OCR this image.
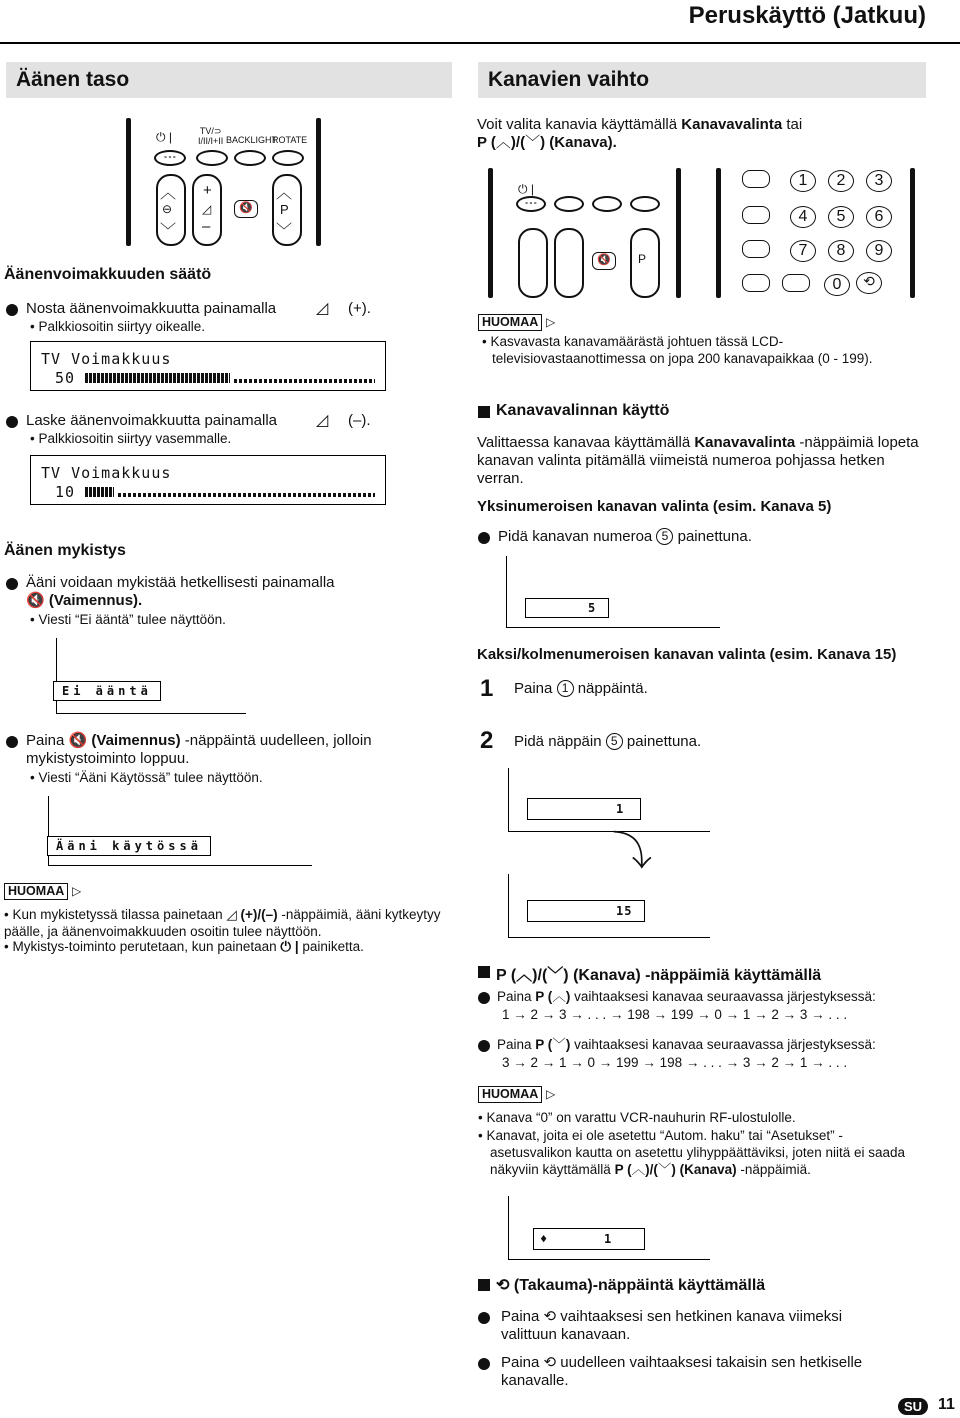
Peruskäyttö (Jatkuu)
Äänen taso
⏻ |	TV/⊃
I/II/I+II BACKLIGHT
ROTATE
∘∘∘
︿
⊖
﹀
+
◿
–
🔇
︿
P
﹀
Äänenvoimakkuuden säätö
Nosta äänenvoimakkuutta painamalla ◿ (+).
• Palkkiosoitin siirtyy oikealle.
TV Voimakkuus
50
Laske äänenvoimakkuutta painamalla ◿ (–).
• Palkkiosoitin siirtyy vasemmalle.
TV Voimakkuus
10
Äänen mykistys
Ääni voidaan mykistää hetkellisesti painamalla
🔇 (Vaimennus).
• Viesti “Ei ääntä” tulee näyttöön.
Ei ääntä
Paina 🔇 (Vaimennus) -näppäintä uudelleen, jolloin mykistystoiminto loppuu.
• Viesti “Ääni Käytössä” tulee näyttöön.
Ääni käytössä
HUOMAA ▷
• Kun mykistetyssä tilassa painetaan ◿ (+)/(–) -näppäimiä, ääni kytkeytyy päälle, ja äänenvoimakkuuden osoitin tulee näyttöön.
• Mykistys-toiminto perutetaan, kun painetaan ⏻ | painiketta.
Kanavien vaihto
Voit valita kanavia käyttämällä Kanavavalinta tai
P (︿)/(﹀) (Kanava).
⏻ |
∘∘∘
🔇	P
⟲
1	2	3
4	5	6
7	8	9
0
HUOMAA ▷
• Kasvavasta kanavamäärästä johtuen tässä LCD-televisiovastaanottimessa on jopa 200 kanavapaikkaa (0 - 199).
Kanavavalinnan käyttö
Valittaessa kanavaa käyttämällä Kanavavalinta -näppäimiä lopeta kanavan valinta pitämällä viimeistä numeroa pohjassa hetken verran.
Yksinumeroisen kanavan valinta (esim. Kanava 5)
Pidä kanavan numeroa 5 painettuna.
5
Kaksi/kolmenumeroisen kanavan valinta (esim. Kanava 15)
1 Paina 1 näppäintä.
2 Pidä näppäin 5 painettuna.
1
⤵
15
P (︿)/(﹀) (Kanava) -näppäimiä käyttämällä
Paina P (︿) vaihtaaksesi kanavaa seuraavassa järjestyksessä:
1 → 2 → 3 → . . . → 198 → 199 → 0 → 1 → 2 → 3 → . . .
Paina P (﹀) vaihtaaksesi kanavaa seuraavassa järjestyksessä:
3 → 2 → 1 → 0 → 199 → 198 → . . . → 3 → 2 → 1 → . . .
HUOMAA ▷
• Kanava “0” on varattu VCR-nauhurin RF-ulostulolle.
• Kanavat, joita ei ole asetettu “Autom. haku” tai “Asetukset” -asetusvalikon kautta on asetettu ylihyppäättäviksi, joten niitä ei saada näkyviin käyttämällä P (︿)/(﹀) (Kanava) -näppäimiä.
♦	1
⟲ (Takauma)-näppäintä käyttämällä
Paina ⟲ vaihtaaksesi sen hetkinen kanava viimeksi valittuun kanavaan.
Paina ⟲ uudelleen vaihtaaksesi takaisin sen hetkiselle kanavalle.
SU 11
